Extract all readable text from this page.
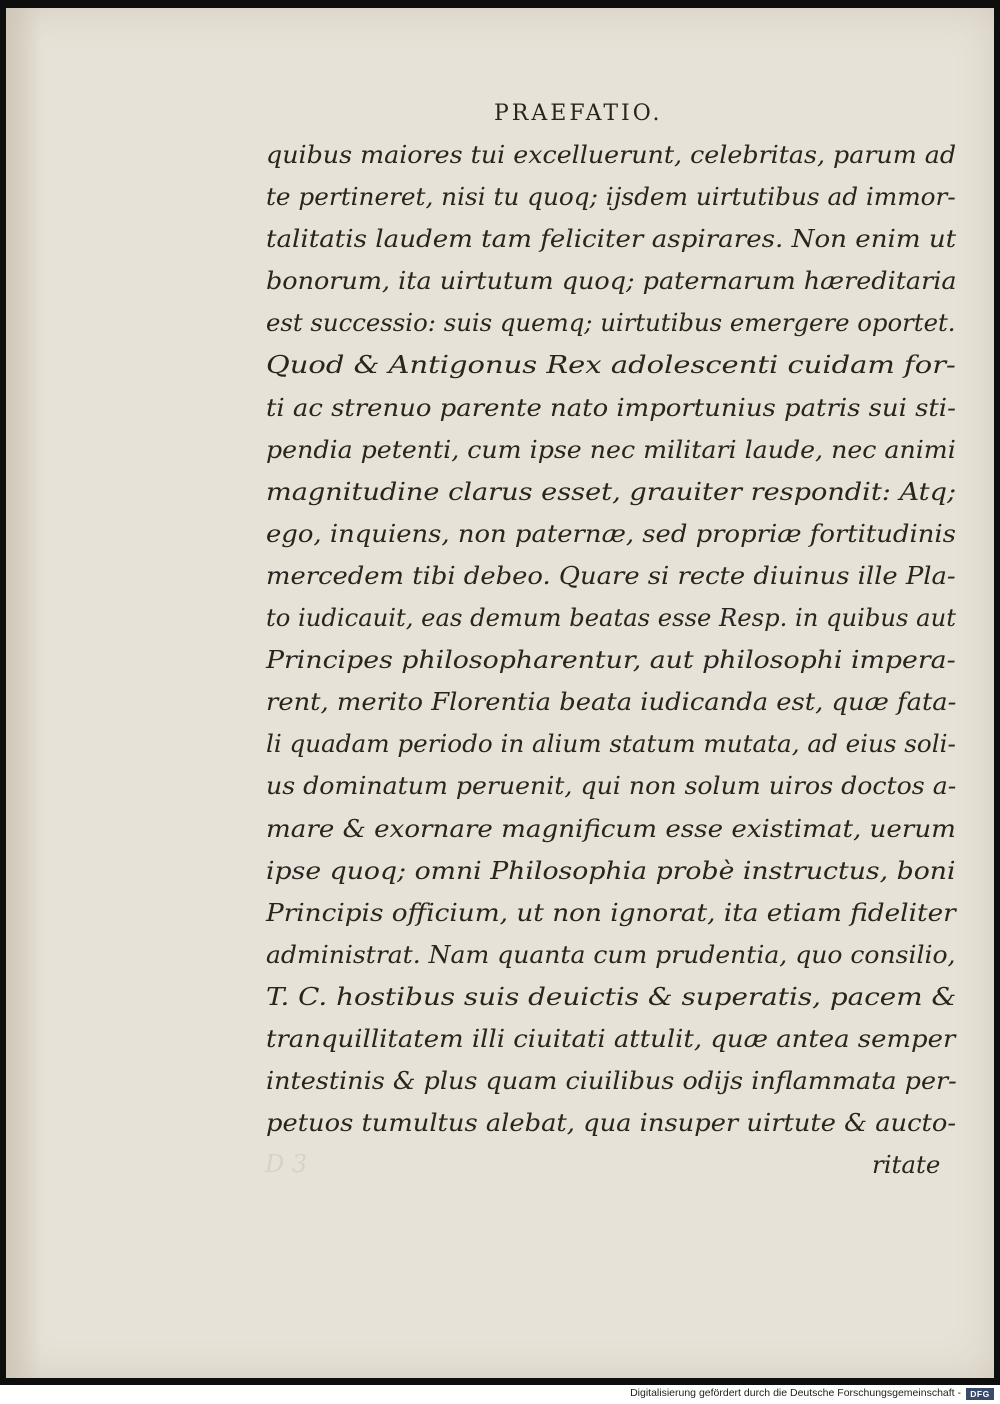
PRAEFATIO.
quibus maiores tui excelluerunt, celebritas, parum ad
te pertineret, nisi tu quoq; ijsdem uirtutibus ad immor-
talitatis laudem tam feliciter aspirares. Non enim ut
bonorum, ita uirtutum quoq; paternarum hæreditaria
est successio: suis quemq; uirtutibus emergere oportet.
Quod & Antigonus Rex adolescenti cuidam for-
ti ac strenuo parente nato importunius patris sui sti-
pendia petenti, cum ipse nec militari laude, nec animi
magnitudine clarus esset, grauiter respondit: Atq;
ego, inquiens, non paternæ, sed propriæ fortitudinis
mercedem tibi debeo. Quare si recte diuinus ille Pla-
to iudicauit, eas demum beatas esse Resp. in quibus aut
Principes philosopharentur, aut philosophi impera-
rent, merito Florentia beata iudicanda est, quæ fata-
li quadam periodo in alium statum mutata, ad eius soli-
us dominatum peruenit, qui non solum uiros doctos a-
mare & exornare magnificum esse existimat, uerum
ipse quoq; omni Philosophia probè instructus, boni
Principis officium, ut non ignorat, ita etiam fideliter
administrat. Nam quanta cum prudentia, quo consilio,
T. C. hostibus suis deuictis & superatis, pacem &
tranquillitatem illi ciuitati attulit, quæ antea semper
intestinis & plus quam ciuilibus odijs inflammata per-
petuos tumultus alebat, qua insuper uirtute & aucto-
D 3	ritate
Digitalisierung gefördert durch die Deutsche Forschungsgemeinschaft -	DFG
